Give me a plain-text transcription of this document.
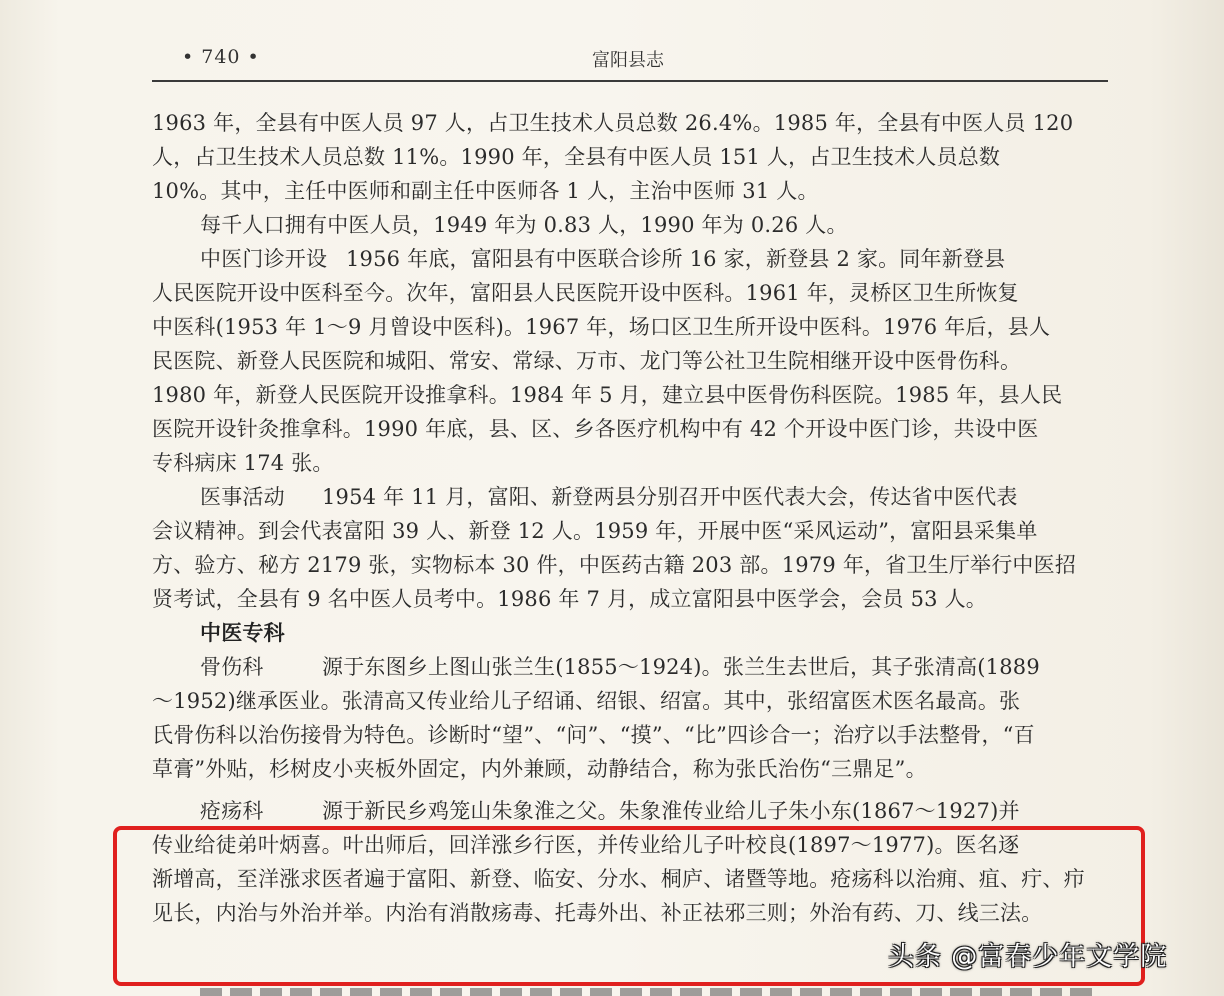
• 740 •	富阳县志
1963 年，全县有中医人员 97 人，占卫生技术人员总数 26.4%。1985 年，全县有中医人员 120
人，占卫生技术人员总数 11%。1990 年，全县有中医人员 151 人，占卫生技术人员总数
10%。其中，主任中医师和副主任中医师各 1 人，主治中医师 31 人。
每千人口拥有中医人员，1949 年为 0.83 人，1990 年为 0.26 人。
中医门诊开设 1956 年底，富阳县有中医联合诊所 16 家，新登县 2 家。同年新登县
人民医院开设中医科至今。次年，富阳县人民医院开设中医科。1961 年，灵桥区卫生所恢复
中医科(1953 年 1～9 月曾设中医科)。1967 年，场口区卫生所开设中医科。1976 年后，县人
民医院、新登人民医院和城阳、常安、常绿、万市、龙门等公社卫生院相继开设中医骨伤科。
1980 年，新登人民医院开设推拿科。1984 年 5 月，建立县中医骨伤科医院。1985 年，县人民
医院开设针灸推拿科。1990 年底，县、区、乡各医疗机构中有 42 个开设中医门诊，共设中医
专科病床 174 张。
医事活动 1954 年 11 月，富阳、新登两县分别召开中医代表大会，传达省中医代表
会议精神。到会代表富阳 39 人、新登 12 人。1959 年，开展中医“采风运动”，富阳县采集单
方、验方、秘方 2179 张，实物标本 30 件，中医药古籍 203 部。1979 年，省卫生厅举行中医招
贤考试，全县有 9 名中医人员考中。1986 年 7 月，成立富阳县中医学会，会员 53 人。
中医专科
骨伤科	源于东图乡上图山张兰生(1855～1924)。张兰生去世后，其子张清高(1889
～1952)继承医业。张清高又传业给儿子绍诵、绍银、绍富。其中，张绍富医术医名最高。张
氏骨伤科以治伤接骨为特色。诊断时“望”、“问”、“摸”、“比”四诊合一；治疗以手法整骨，“百
草膏”外贴，杉树皮小夹板外固定，内外兼顾，动静结合，称为张氏治伤“三鼎足”。
疮疡科	源于新民乡鸡笼山朱象淮之父。朱象淮传业给儿子朱小东(1867～1927)并
传业给徒弟叶炳喜。叶出师后，回洋涨乡行医，并传业给儿子叶校良(1897～1977)。医名逐
渐增高，至洋涨求医者遍于富阳、新登、临安、分水、桐庐、诸暨等地。疮疡科以治痈、疽、疔、疖
见长，内治与外治并举。内治有消散疡毒、托毒外出、补正祛邪三则；外治有药、刀、线三法。
头条 @富春少年文学院
